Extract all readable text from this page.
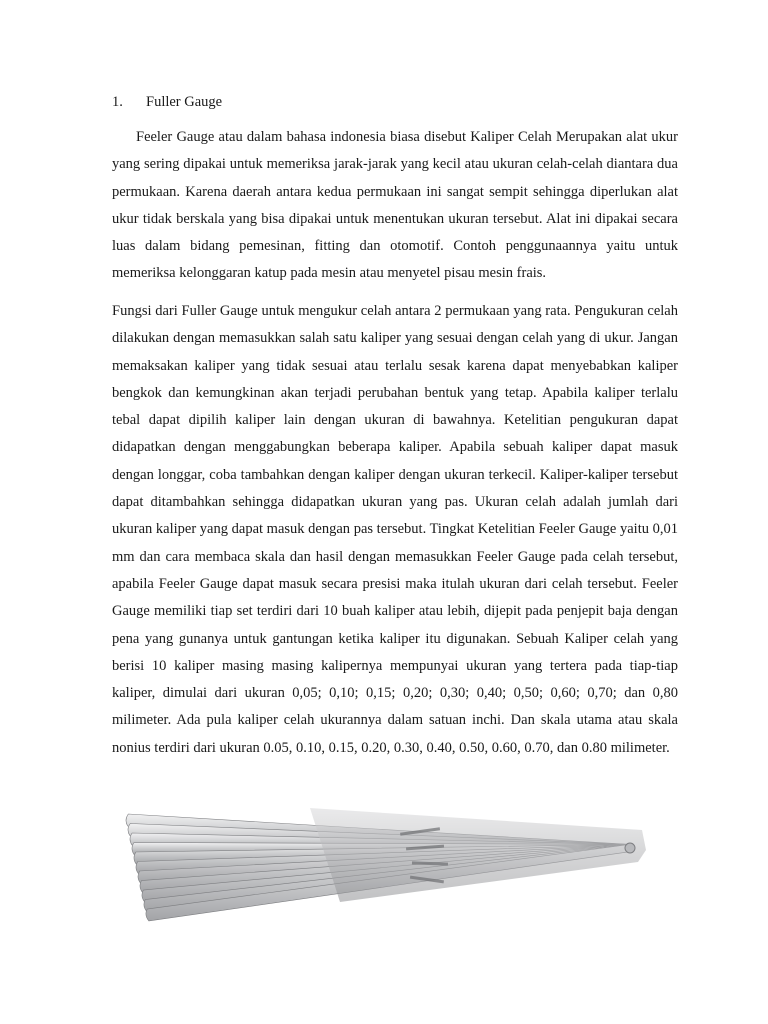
1.	Fuller Gauge

Feeler Gauge atau dalam bahasa indonesia biasa disebut Kaliper Celah Merupakan alat ukur yang sering dipakai untuk memeriksa jarak-jarak yang kecil atau ukuran celah-celah diantara dua permukaan. Karena daerah antara kedua permukaan ini sangat sempit sehingga diperlukan alat ukur tidak berskala yang bisa dipakai untuk menentukan ukuran tersebut. Alat ini dipakai secara luas dalam bidang pemesinan, fitting dan otomotif. Contoh penggunaannya yaitu untuk memeriksa kelonggaran katup pada mesin atau menyetel pisau mesin frais.

Fungsi dari Fuller Gauge untuk mengukur celah antara 2 permukaan yang rata. Pengukuran celah dilakukan dengan memasukkan salah satu kaliper yang sesuai dengan celah yang di ukur. Jangan memaksakan kaliper yang tidak sesuai atau terlalu sesak karena dapat menyebabkan kaliper bengkok dan kemungkinan akan terjadi perubahan bentuk yang tetap. Apabila kaliper terlalu tebal dapat dipilih kaliper lain dengan ukuran di bawahnya. Ketelitian pengukuran dapat didapatkan dengan menggabungkan beberapa kaliper. Apabila sebuah kaliper dapat masuk dengan longgar, coba tambahkan dengan kaliper dengan ukuran terkecil. Kaliper-kaliper tersebut dapat ditambahkan sehingga didapatkan ukuran yang pas. Ukuran celah adalah jumlah dari ukuran kaliper yang dapat masuk dengan pas tersebut. Tingkat Ketelitian Feeler Gauge yaitu 0,01 mm dan cara membaca skala dan hasil dengan memasukkan Feeler Gauge pada celah tersebut, apabila Feeler Gauge dapat masuk secara presisi maka itulah ukuran dari celah tersebut. Feeler Gauge memiliki tiap set terdiri dari 10 buah kaliper atau lebih, dijepit pada penjepit baja dengan pena yang gunanya untuk gantungan ketika kaliper itu digunakan. Sebuah Kaliper celah yang berisi 10 kaliper masing masing kalipernya mempunyai ukuran yang tertera pada tiap-tiap kaliper, dimulai dari ukuran 0,05; 0,10; 0,15; 0,20; 0,30; 0,40; 0,50; 0,60; 0,70; dan 0,80 milimeter. Ada pula kaliper celah ukurannya dalam satuan inchi. Dan skala utama atau skala nonius terdiri dari ukuran 0.05, 0.10, 0.15, 0.20, 0.30, 0.40, 0.50, 0.60, 0.70, dan 0.80 milimeter.
